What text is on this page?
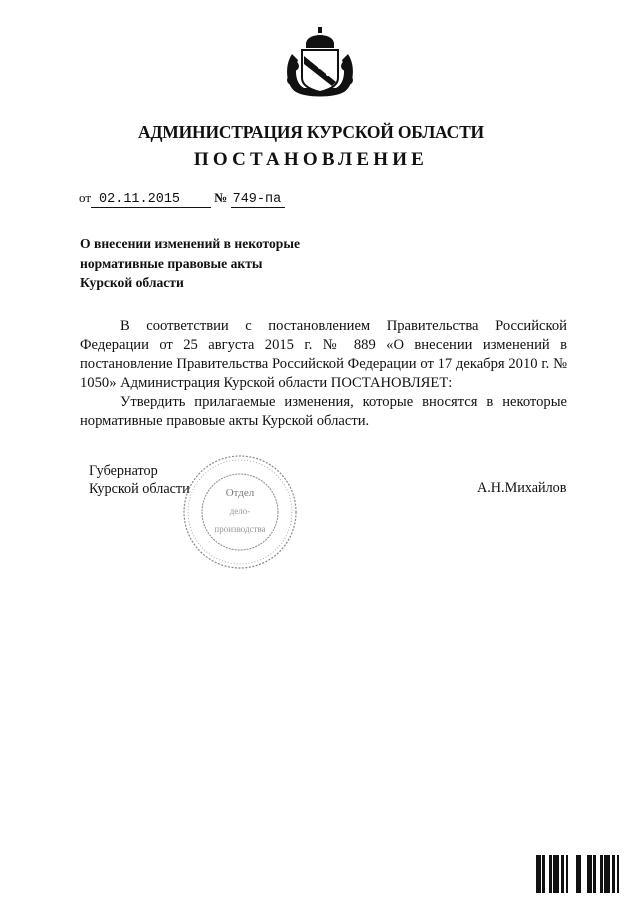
АДМИНИСТРАЦИЯ КУРСКОЙ ОБЛАСТИ
ПОСТАНОВЛЕНИЕ
от 02.11.2015	№ 749-па
О внесении изменений в некоторые
нормативные правовые акты
Курской области

В соответствии с постановлением Правительства Российской Федерации от 25 августа 2015 г. № 889 «О внесении изменений в постановление Правительства Российской Федерации от 17 декабря 2010 г. № 1050» Администрация Курской области ПОСТАНОВЛЯЕТ:

Утвердить прилагаемые изменения, которые вносятся в некоторые нормативные правовые акты Курской области.

Отдел
дело-
производства
Губернатор
Курской области	А.Н.Михайлов
